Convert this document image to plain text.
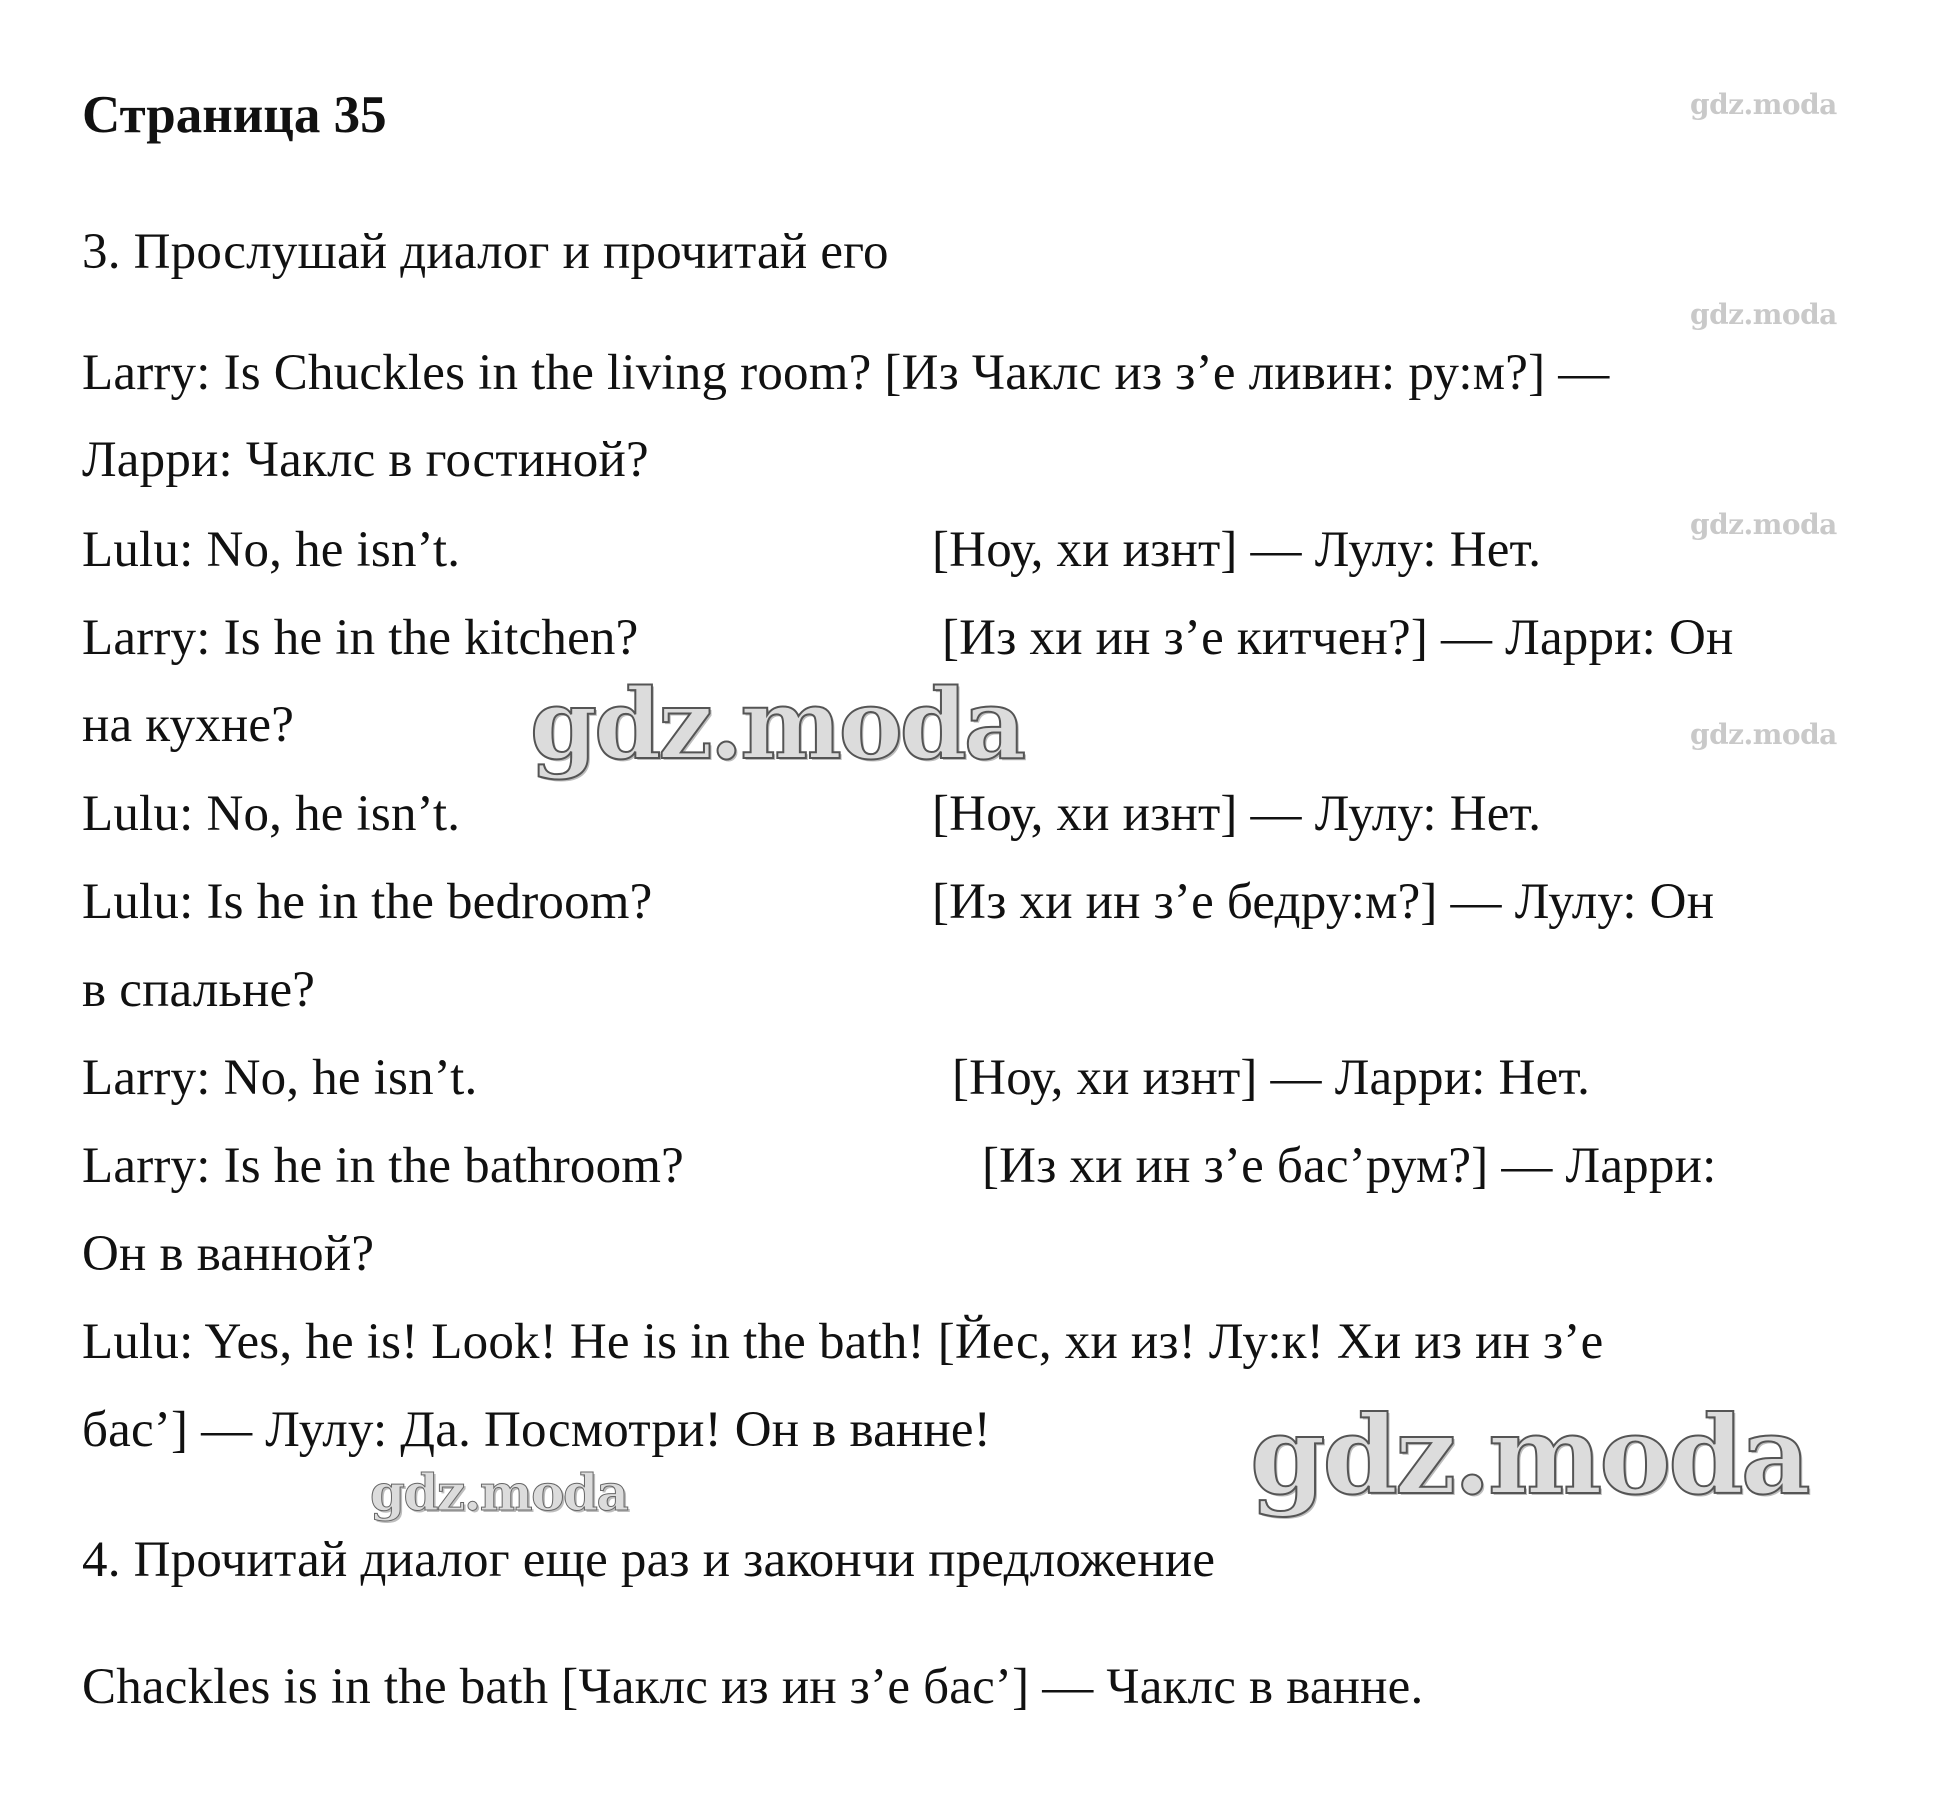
gdz.moda
gdz.moda
gdz.moda
gdz.moda
Страница 35
3. Прослушай диалог и прочитай его
Larry: Is Chuckles in the living room? [Из Чаклс из з’е ливин: ру:м?] —
Ларри: Чаклс в гостиной?
Lulu: No, he isn’t.	[Ноу, хи изнт] — Лулу: Нет.
Larry: Is he in the kitchen?	[Из хи ин з’е китчен?] — Ларри: Он
на кухне?
Lulu: No, he isn’t.	[Ноу, хи изнт] — Лулу: Нет.
Lulu: Is he in the bedroom?	[Из хи ин з’е бедру:м?] — Лулу: Он
в спальне?
Larry: No, he isn’t.	[Ноу, хи изнт] — Ларри: Нет.
Larry: Is he in the bathroom?	[Из хи ин з’е бас’рум?] — Ларри:
Он в ванной?
Lulu: Yes, he is! Look! He is in the bath! [Йес, хи из! Лу:к! Хи из ин з’е
бас’] — Лулу: Да. Посмотри! Он в ванне!
4. Прочитай диалог еще раз и закончи предложение
Chackles is in the bath [Чаклс из ин з’е бас’] — Чаклс в ванне.
gdz.moda
gdz.moda
gdz.moda
